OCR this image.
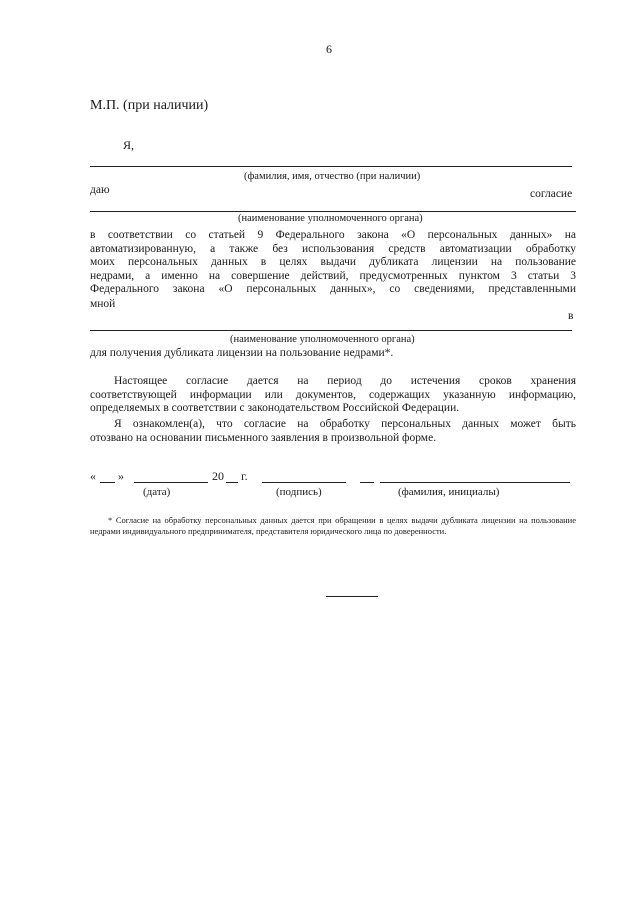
6
М.П. (при наличии)
Я,
(фамилия, имя, отчество (при наличии)
даю	согласие
(наименование уполномоченного органа)
в соответствии со статьей 9 Федерального закона «О персональных данных» на
автоматизированную, а также без использования средств автоматизации обработку
моих персональных данных в целях выдачи дубликата лицензии на пользование
недрами, а именно на совершение действий, предусмотренных пунктом 3 статьи 3
Федерального закона «О персональных данных», со сведениями, представленными
мной
в
(наименование уполномоченного органа)
для получения дубликата лицензии на пользование недрами*.
Настоящее согласие дается на период до истечения сроков хранения
соответствующей информации или документов, содержащих указанную информацию,
определяемых в соответствии с законодательством Российской Федерации.
Я ознакомлен(а), что согласие на обработку персональных данных может быть
отозвано на основании письменного заявления в произвольной форме.
« »	20 г.
(дата)	(подпись)	(фамилия, инициалы)
* Согласие на обработку персональных данных дается при обращении в целях выдачи дубликата лицензии на пользование недрами индивидуального предпринимателя, представителя юридического лица по доверенности.
